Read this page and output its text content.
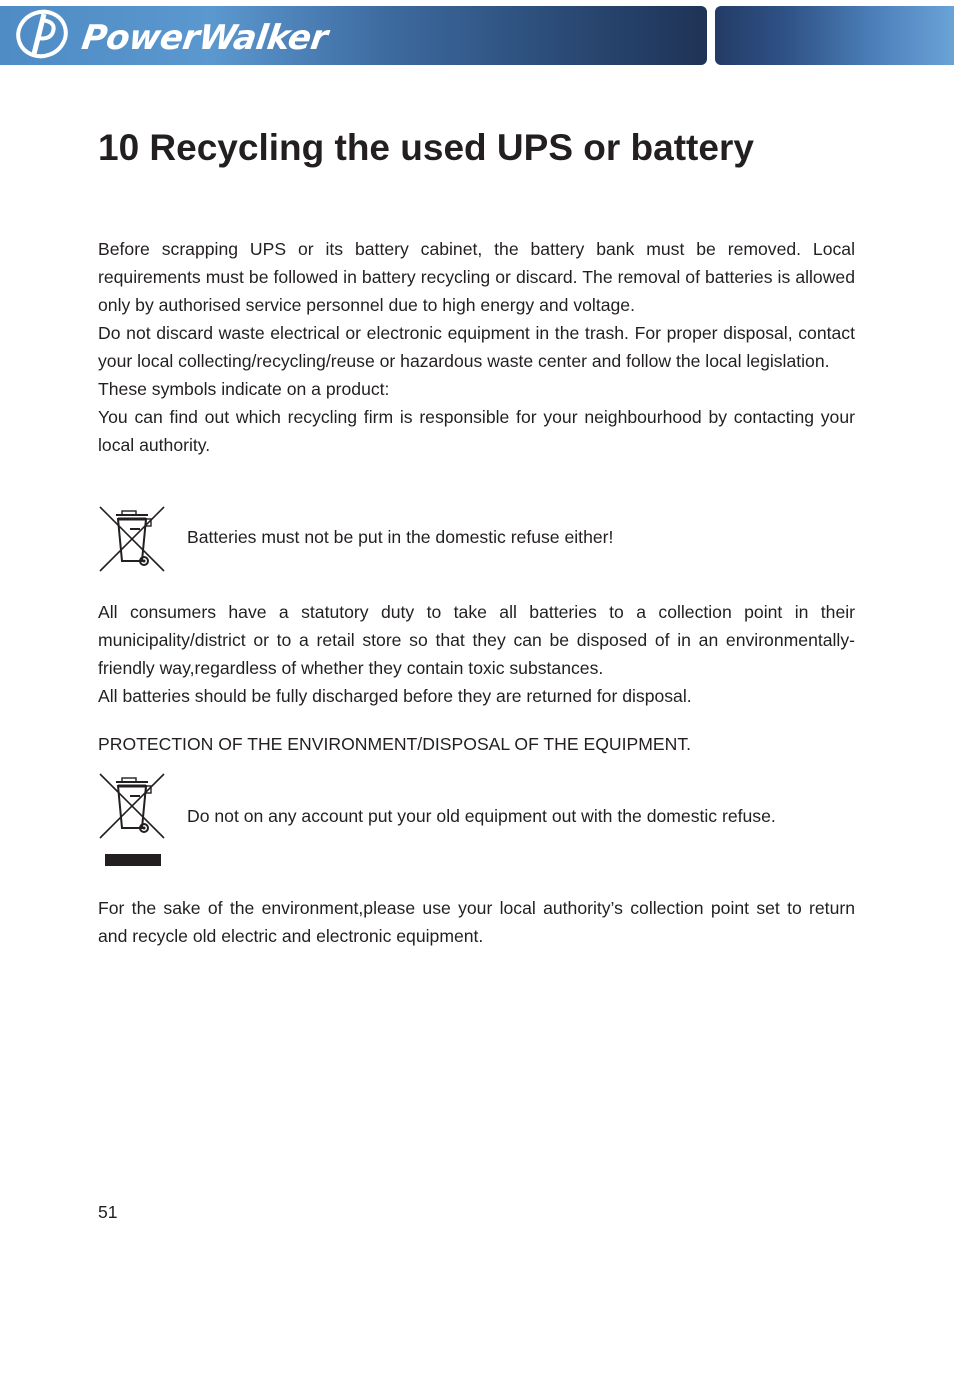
PowerWalker
10 Recycling the used UPS or battery

Before scrapping UPS or its battery cabinet, the battery bank must be removed. Local requirements must be followed in battery recycling or discard. The removal of batteries is allowed only by authorised service personnel due to high energy and voltage.

Do not discard waste electrical or electronic equipment in the trash. For proper disposal, contact your local collecting/recycling/reuse or hazardous waste center and follow the local legislation.

These symbols indicate on a product:

You can find out which recycling firm is responsible for your neighbourhood by contacting your local authority.

Batteries must not be put in the domestic refuse either!

All consumers have a statutory duty to take all batteries to a collection point in their municipality/district or to a retail store so that they can be disposed of in an environmentally-friendly way,regardless of whether they contain toxic substances.

All batteries should be fully discharged before they are returned for disposal.

PROTECTION OF THE ENVIRONMENT/DISPOSAL OF THE EQUIPMENT.

Do not on any account put your old equipment out with the domestic refuse.

For the sake of the environment,please use your local authority’s collection point set to return and recycle old electric and electronic equipment.

51
